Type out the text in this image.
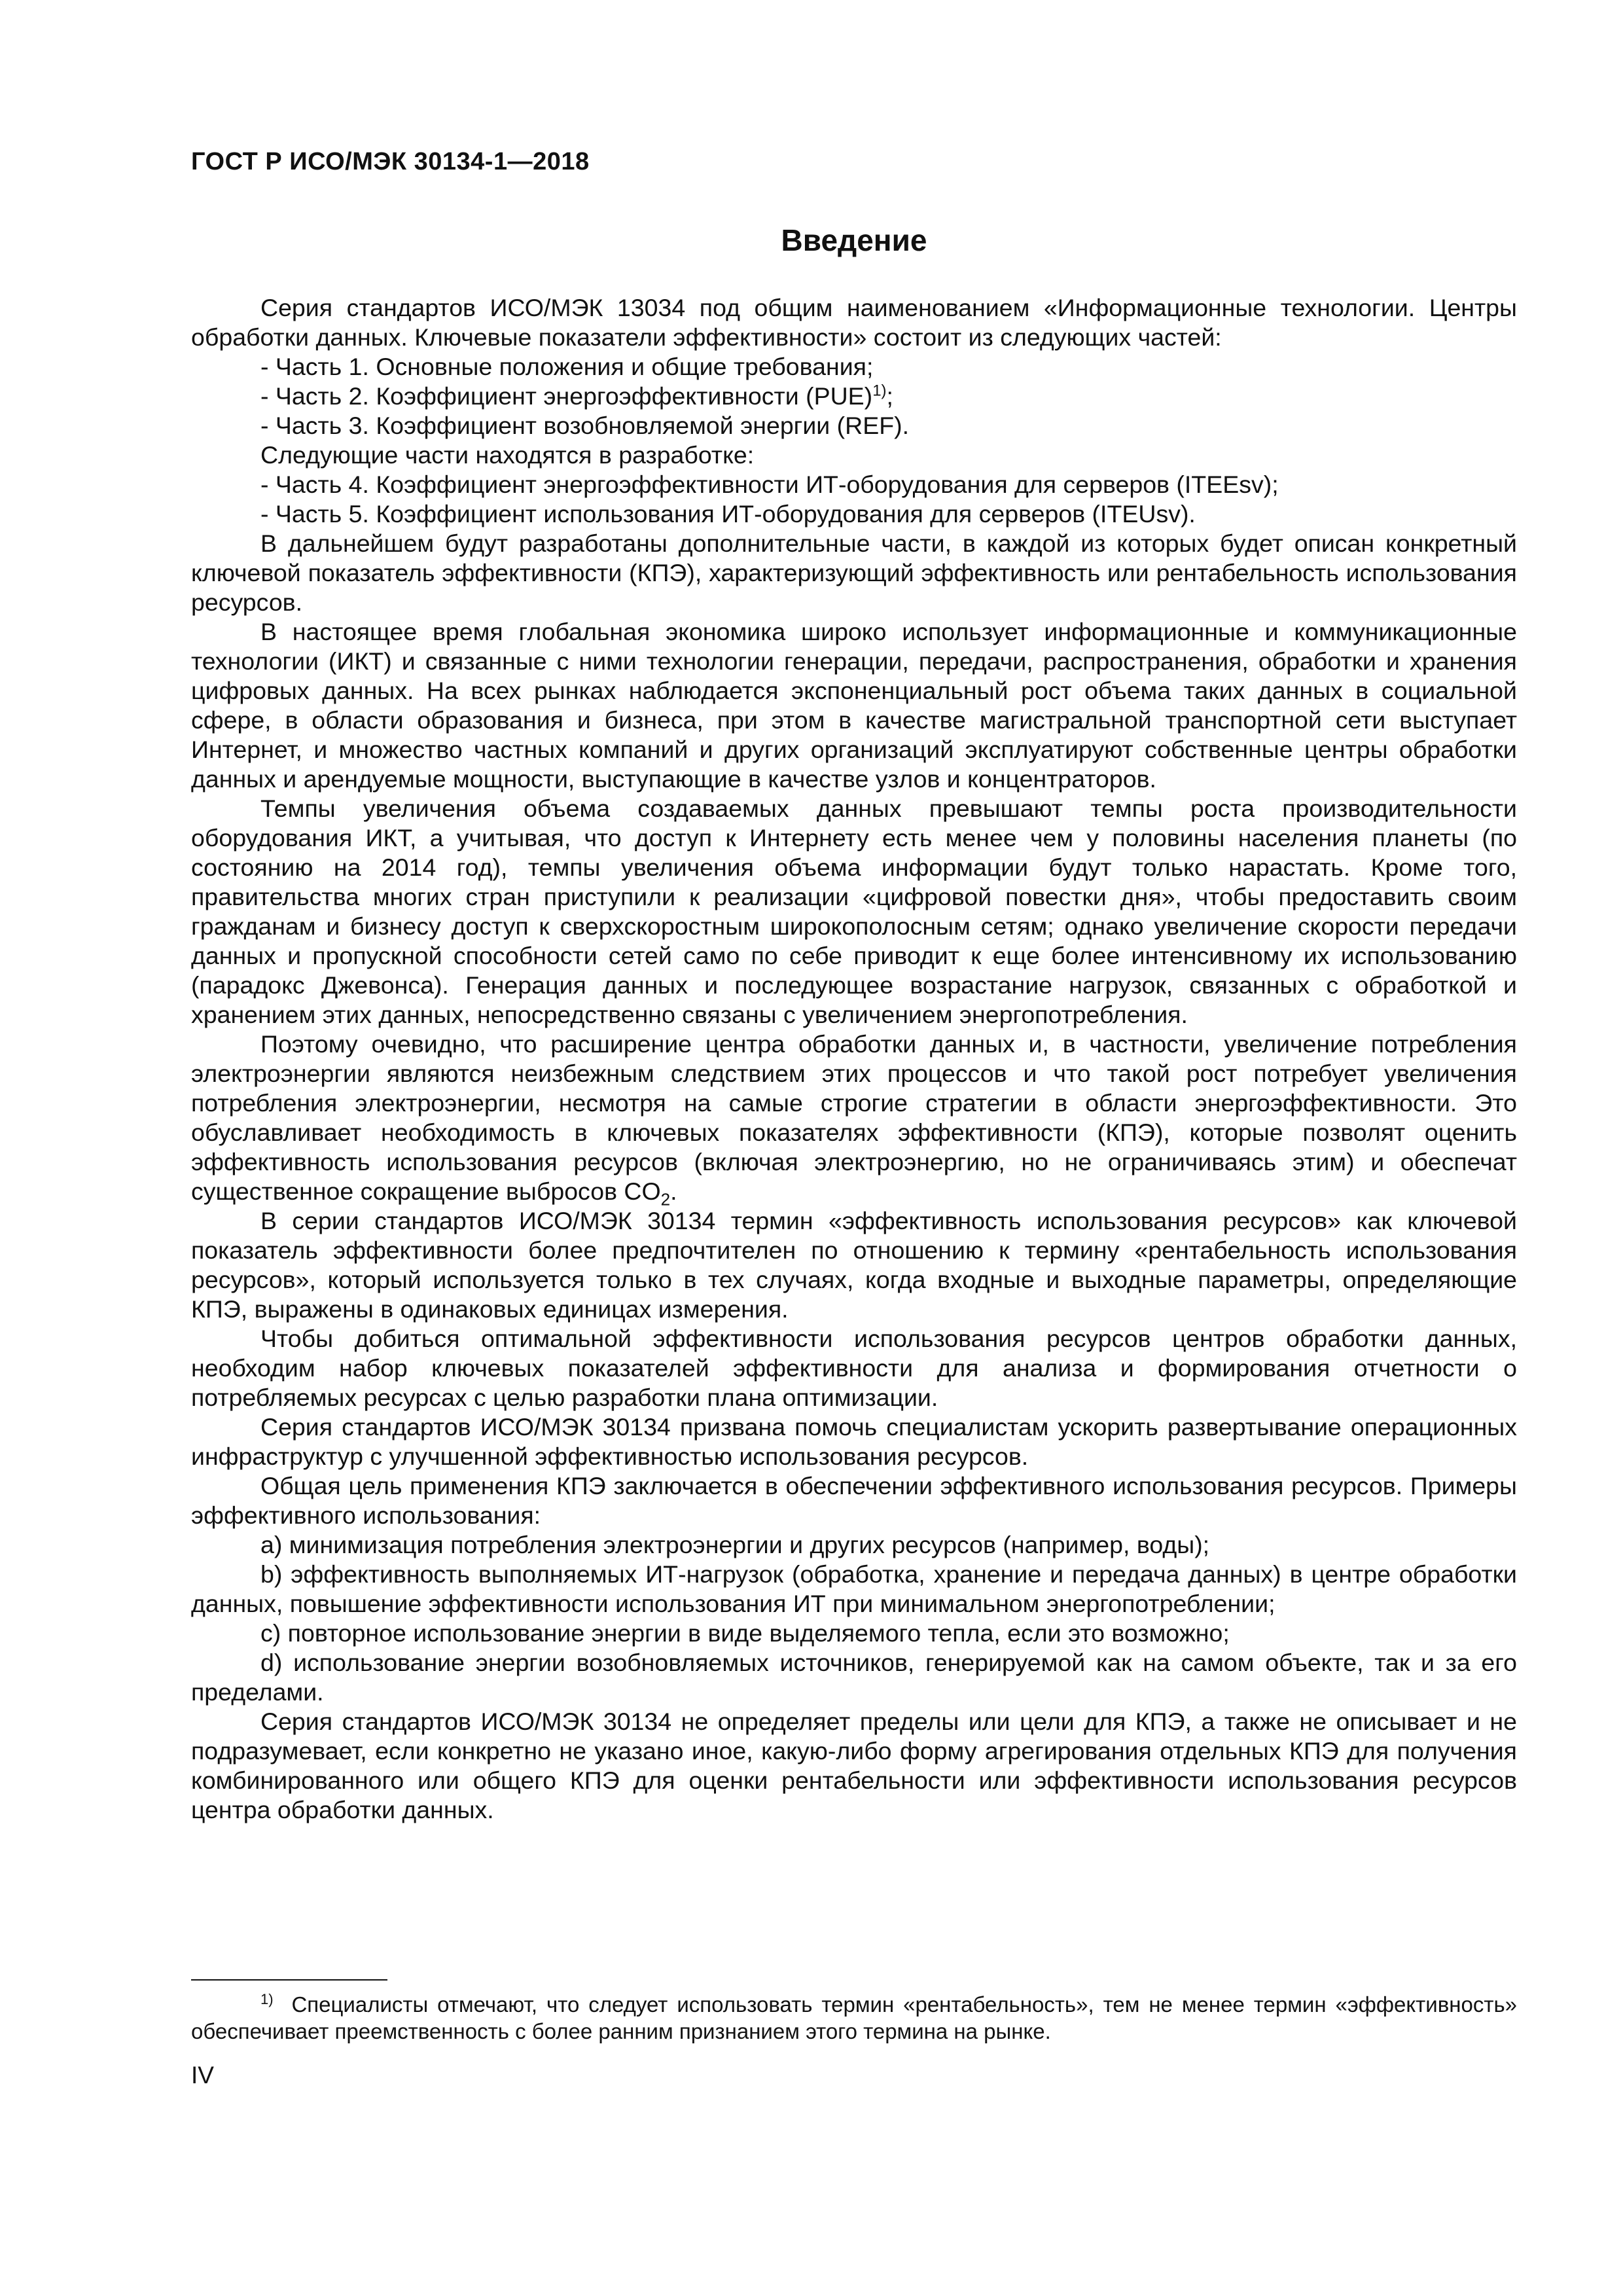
ГОСТ Р ИСО/МЭК 30134-1—2018
Введение

Серия стандартов ИСО/МЭК 13034 под общим наименованием «Информационные технологии. Центры обработки данных. Ключевые показатели эффективности» состоит из следующих частей:

- Часть 1. Основные положения и общие требования;

- Часть 2. Коэффициент энергоэффективности (PUE)$^{1)}$;

- Часть 3. Коэффициент возобновляемой энергии (REF).

Следующие части находятся в разработке:

- Часть 4. Коэффициент энергоэффективности ИТ-оборудования для серверов (ITEEsv);

- Часть 5. Коэффициент использования ИТ-оборудования для серверов (ITEUsv).

В дальнейшем будут разработаны дополнительные части, в каждой из которых будет описан конкретный ключевой показатель эффективности (КПЭ), характеризующий эффективность или рентабельность использования ресурсов.

В настоящее время глобальная экономика широко использует информационные и коммуникационные технологии (ИКТ) и связанные с ними технологии генерации, передачи, распространения, обработки и хранения цифровых данных. На всех рынках наблюдается экспоненциальный рост объема таких данных в социальной сфере, в области образования и бизнеса, при этом в качестве магистральной транспортной сети выступает Интернет, и множество частных компаний и других организаций эксплуатируют собственные центры обработки данных и арендуемые мощности, выступающие в качестве узлов и концентраторов.

Темпы увеличения объема создаваемых данных превышают темпы роста производительности оборудования ИКТ, а учитывая, что доступ к Интернету есть менее чем у половины населения планеты (по состоянию на 2014 год), темпы увеличения объема информации будут только нарастать. Кроме того, правительства многих стран приступили к реализации «цифровой повестки дня», чтобы предоставить своим гражданам и бизнесу доступ к сверхскоростным широкополосным сетям; однако увеличение скорости передачи данных и пропускной способности сетей само по себе приводит к еще более интенсивному их использованию (парадокс Джевонса). Генерация данных и последующее возрастание нагрузок, связанных с обработкой и хранением этих данных, непосредственно связаны с увеличением энергопотребления.

Поэтому очевидно, что расширение центра обработки данных и, в частности, увеличение потребления электроэнергии являются неизбежным следствием этих процессов и что такой рост потребует увеличения потребления электроэнергии, несмотря на самые строгие стратегии в области энергоэффективности. Это обуславливает необходимость в ключевых показателях эффективности (КПЭ), которые позволят оценить эффективность использования ресурсов (включая электроэнергию, но не ограничиваясь этим) и обеспечат существенное сокращение выбросов $CO_2$.

В серии стандартов ИСО/МЭК 30134 термин «эффективность использования ресурсов» как ключевой показатель эффективности более предпочтителен по отношению к термину «рентабельность использования ресурсов», который используется только в тех случаях, когда входные и выходные параметры, определяющие КПЭ, выражены в одинаковых единицах измерения.

Чтобы добиться оптимальной эффективности использования ресурсов центров обработки данных, необходим набор ключевых показателей эффективности для анализа и формирования отчетности о потребляемых ресурсах с целью разработки плана оптимизации.

Серия стандартов ИСО/МЭК 30134 призвана помочь специалистам ускорить развертывание операционных инфраструктур с улучшенной эффективностью использования ресурсов.

Общая цель применения КПЭ заключается в обеспечении эффективного использования ресурсов. Примеры эффективного использования:

a) минимизация потребления электроэнергии и других ресурсов (например, воды);

b) эффективность выполняемых ИТ-нагрузок (обработка, хранение и передача данных) в центре обработки данных, повышение эффективности использования ИТ при минимальном энергопотреблении;

c) повторное использование энергии в виде выделяемого тепла, если это возможно;

d) использование энергии возобновляемых источников, генерируемой как на самом объекте, так и за его пределами.

Серия стандартов ИСО/МЭК 30134 не определяет пределы или цели для КПЭ, а также не описывает и не подразумевает, если конкретно не указано иное, какую-либо форму агрегирования отдельных КПЭ для получения комбинированного или общего КПЭ для оценки рентабельности или эффективности использования ресурсов центра обработки данных.

$^{1)}$ Специалисты отмечают, что следует использовать термин «рентабельность», тем не менее термин «эффективность» обеспечивает преемственность с более ранним признанием этого термина на рынке.
IV
